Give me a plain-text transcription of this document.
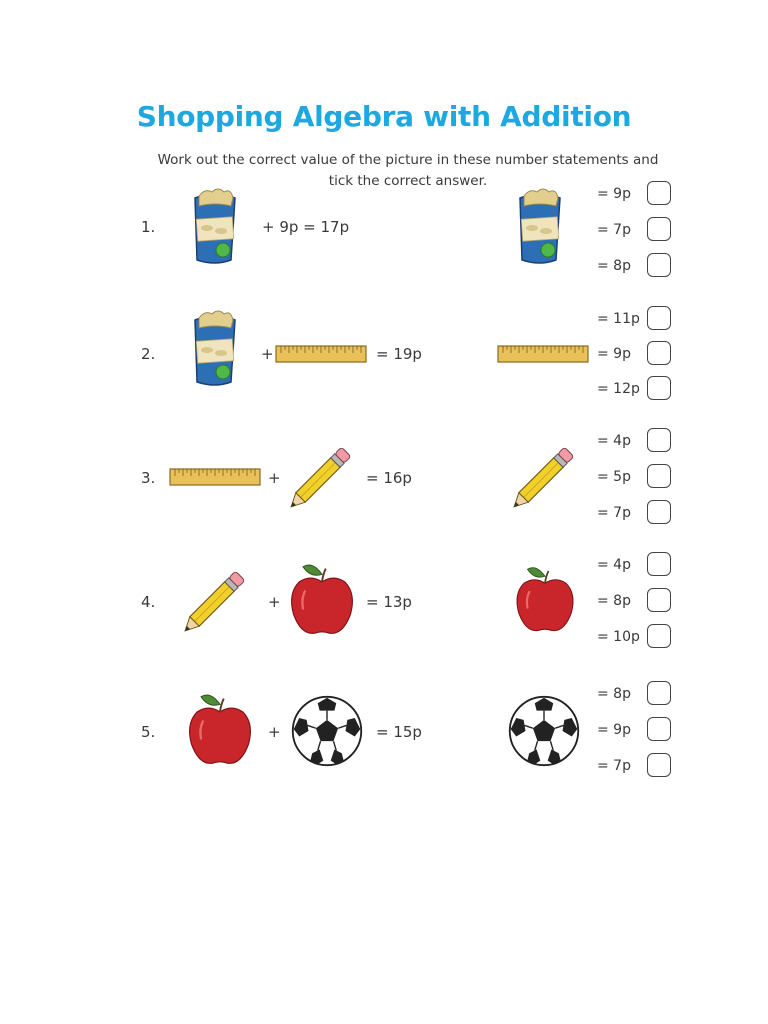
Shopping Algebra with Addition
Work out the correct value of the picture in these number statements and
tick the correct answer.
1.	+ 9p = 17p
= 9p
= 7p
= 8p
2.	+	= 19p
= 11p
= 9p
= 12p
3.	+	= 16p
= 4p
= 5p
= 7p
4.	+	= 13p
= 4p
= 8p
= 10p
5.	+	= 15p
= 8p
= 9p
= 7p
